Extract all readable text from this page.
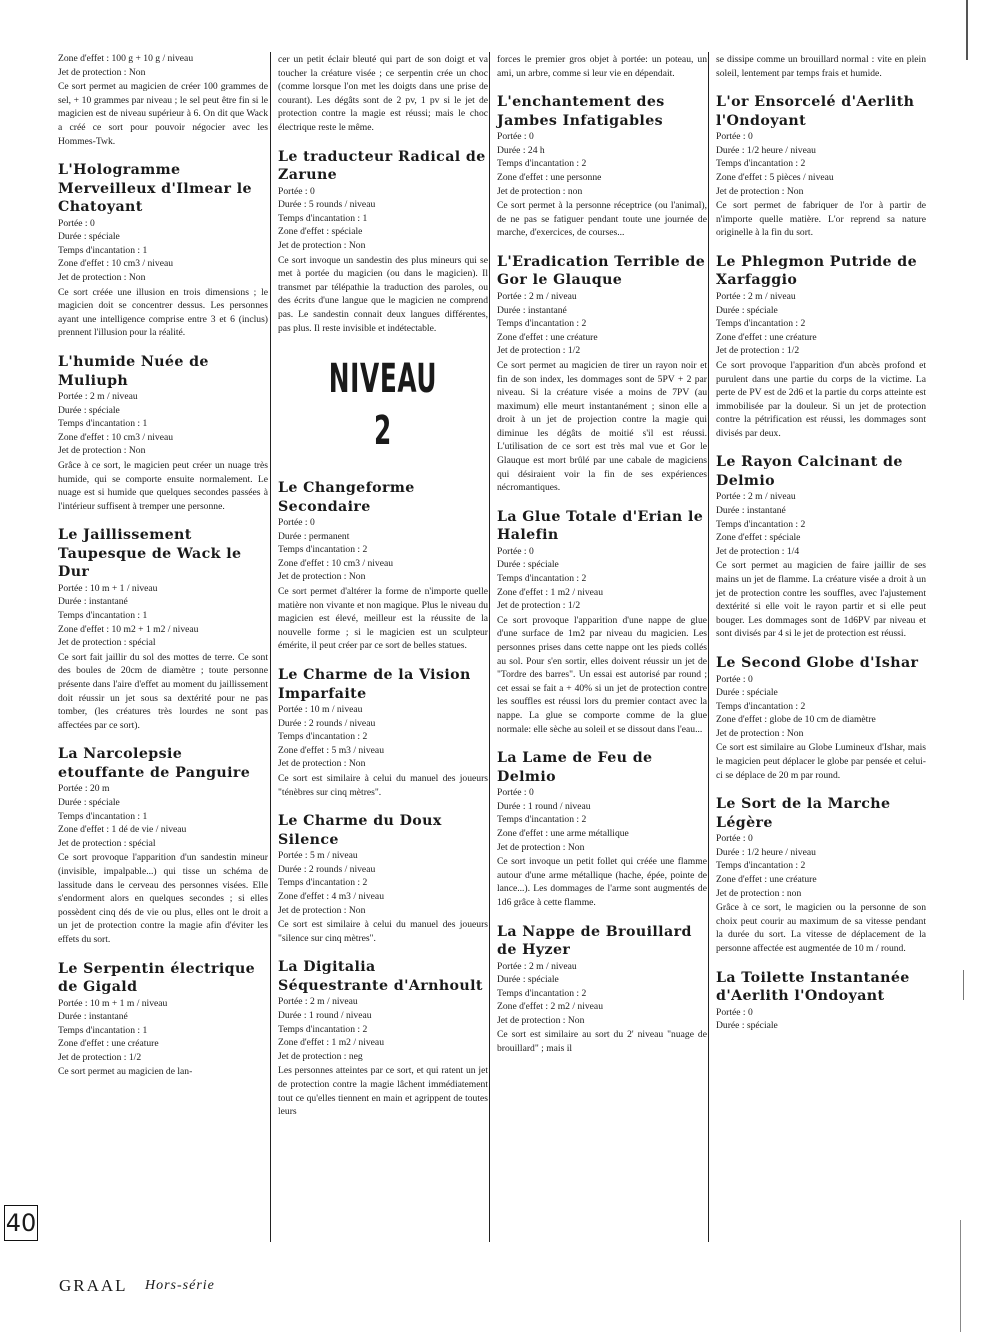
Zone d'effet : 100 g + 10 g / niveau
Jet de protection : Non
Ce sort permet au magicien de créer 100 grammes de sel, + 10 grammes par niveau ; le sel peut être fin si le magicien est de niveau supérieur à 6. On dit que Wack a créé ce sort pour pouvoir négocier avec les Hommes-Twk.
L'Hologramme Merveilleux d'Ilmear le Chatoyant
Portée : 0
Durée : spéciale
Temps d'incantation : 1
Zone d'effet : 10 cm3 / niveau
Jet de protection : Non
Ce sort créée une illusion en trois dimensions ; le magicien doit se concentrer dessus. Les personnes ayant une intelligence comprise entre 3 et 6 (inclus) prennent l'illusion pour la réalité.
L'humide Nuée de Muliuph
Portée : 2 m / niveau
Durée : spéciale
Temps d'incantation : 1
Zone d'effet : 10 cm3 / niveau
Jet de protection : Non
Grâce à ce sort, le magicien peut créer un nuage très humide, qui se comporte ensuite normalement. Le nuage est si humide que quelques secondes passées à l'intérieur suffisent à tremper une personne.
Le Jaillissement Taupesque de Wack le Dur
Portée : 10 m + 1 / niveau
Durée : instantané
Temps d'incantation : 1
Zone d'effet : 10 m2 + 1 m2 / niveau
Jet de protection : spécial
Ce sort fait jaillir du sol des mottes de terre. Ce sont des boules de 20cm de diamètre ; toute personne présente dans l'aire d'effet au moment du jaillissement doit réussir un jet sous sa dextérité pour ne pas tomber, (les créatures très lourdes ne sont pas affectées par ce sort).
La Narcolepsie etouffante de Panguire
Portée : 20 m
Durée : spéciale
Temps d'incantation : 1
Zone d'effet : 1 dé de vie / niveau
Jet de protection : spécial
Ce sort provoque l'apparition d'un sandestin mineur (invisible, impalpable...) qui tisse un schéma de lassitude dans le cerveau des personnes visées. Elle s'endorment alors en quelques secondes ; si elles possèdent cinq dés de vie ou plus, elles ont le droit a un jet de protection contre la magie afin d'éviter les effets du sort.
Le Serpentin électrique de Gigald
Portée : 10 m + 1 m / niveau
Durée : instantané
Temps d'incantation : 1
Zone d'effet : une créature
Jet de protection : 1/2
Ce sort permet au magicien de lan-
cer un petit éclair bleuté qui part de son doigt et va toucher la créature visée ; ce serpentin crée un choc (comme lorsque l'on met les doigts dans une prise de courant). Les dégâts sont de 2 pv, 1 pv si le jet de protection contre la magie est réussi; mais le choc électrique reste le même.
Le traducteur Radical de Zarune
Portée : 0
Durée : 5 rounds / niveau
Temps d'incantation : 1
Zone d'effet : spéciale
Jet de protection : Non
Ce sort invoque un sandestin des plus mineurs qui se met à portée du magicien (ou dans le magicien). Il transmet par télépathie la traduction des paroles, ou des écrits d'une langue que le magicien ne comprend pas. Le sandestin connait deux langues différentes, pas plus. Il reste invisible et indétectable.
NIVEAU 2
Le Changeforme Secondaire
Portée : 0
Durée : permanent
Temps d'incantation : 2
Zone d'effet : 10 cm3 / niveau
Jet de protection : Non
Ce sort permet d'altérer la forme de n'importe quelle matière non vivante et non magique. Plus le niveau du magicien est élevé, meilleur est la réussite de la nouvelle forme ; si le magicien est un sculpteur émérite, il peut créer par ce sort de belles statues.
Le Charme de la Vision Imparfaite
Portée : 10 m / niveau
Durée : 2 rounds / niveau
Temps d'incantation : 2
Zone d'effet : 5 m3 / niveau
Jet de protection : Non
Ce sort est similaire à celui du manuel des joueurs "ténèbres sur cinq mètres".
Le Charme du Doux Silence
Portée : 5 m / niveau
Durée : 2 rounds / niveau
Temps d'incantation : 2
Zone d'effet : 4 m3 / niveau
Jet de protection : Non
Ce sort est similaire à celui du manuel des joueurs "silence sur cinq mètres".
La Digitalia Séquestrante d'Arnhoult
Portée : 2 m / niveau
Durée : 1 round / niveau
Temps d'incantation : 2
Zone d'effet : 1 m2 / niveau
Jet de protection : neg
Les personnes atteintes par ce sort, et qui ratent un jet de protection contre la magie lâchent immédiatement tout ce qu'elles tiennent en main et agrippent de toutes leurs
forces le premier gros objet à portée: un poteau, un ami, un arbre, comme si leur vie en dépendait.
L'enchantement des Jambes Infatigables
Portée : 0
Durée : 24 h
Temps d'incantation : 2
Zone d'effet : une personne
Jet de protection : non
Ce sort permet à la personne réceptrice (ou l'animal), de ne pas se fatiguer pendant toute une journée de marche, d'exercices, de courses...
L'Eradication Terrible de Gor le Glauque
Portée : 2 m / niveau
Durée : instantané
Temps d'incantation : 2
Zone d'effet : une créature
Jet de protection : 1/2
Ce sort permet au magicien de tirer un rayon noir et fin de son index, les dommages sont de 5PV + 2 par niveau. Si la créature visée a moins de 7PV (au maximum) elle meurt instantanément ; sinon elle a droit à un jet de projection contre la magie qui diminue les dégâts de moitié s'il est réussi. L'utilisation de ce sort est très mal vue et Gor le Glauque est mort brûlé par une cabale de magiciens qui désiraient voir la fin de ses expériences nécromantiques.
La Glue Totale d'Erian le Halefin
Portée : 0
Durée : spéciale
Temps d'incantation : 2
Zone d'effet : 1 m2 / niveau
Jet de protection : 1/2
Ce sort provoque l'apparition d'une nappe de glue d'une surface de 1m2 par niveau du magicien. Les personnes prises dans cette nappe ont les pieds collés au sol. Pour s'en sortir, elles doivent réussir un jet de "Tordre des barres". Un essai est autorisé par round ; cet essai se fait a + 40% si un jet de protection contre les souffles est réussi lors du premier contact avec la nappe. La glue se comporte comme de la glue normale: elle sèche au soleil et se dissout dans l'eau...
La Lame de Feu de Delmio
Portée : 0
Durée : 1 round / niveau
Temps d'incantation : 2
Zone d'effet : une arme métallique
Jet de protection : Non
Ce sort invoque un petit follet qui créée une flamme autour d'une arme métallique (hache, épée, pointe de lance...). Les dommages de l'arme sont augmentés de 1d6 grâce à cette flamme.
La Nappe de Brouillard de Hyzer
Portée : 2 m / niveau
Durée : spéciale
Temps d'incantation : 2
Zone d'effet : 2 m2 / niveau
Jet de protection : Non
Ce sort est similaire au sort du 2' niveau "nuage de brouillard" ; mais il
se dissipe comme un brouillard normal : vite en plein soleil, lentement par temps frais et humide.
L'or Ensorcelé d'Aerlith l'Ondoyant
Portée : 0
Durée : 1/2 heure / niveau
Temps d'incantation : 2
Zone d'effet : 5 pièces / niveau
Jet de protection : Non
Ce sort permet de fabriquer de l'or à partir de n'importe quelle matière. L'or reprend sa nature originelle à la fin du sort.
Le Phlegmon Putride de Xarfaggio
Portée : 2 m / niveau
Durée : spéciale
Temps d'incantation : 2
Zone d'effet : une créature
Jet de protection : 1/2
Ce sort provoque l'apparition d'un abcès profond et purulent dans une partie du corps de la victime. La perte de PV est de 2d6 et la partie du corps atteinte est immobilisée par la douleur. Si un jet de protection contre la pétrification est réussi, les dommages sont divisés par deux.
Le Rayon Calcinant de Delmio
Portée : 2 m / niveau
Durée : instantané
Temps d'incantation : 2
Zone d'effet : spéciale
Jet de protection : 1/4
Ce sort permet au magicien de faire jaillir de ses mains un jet de flamme. La créature visée a droit à un jet de protection contre les souffles, avec l'ajustement dextérité si elle voit le rayon partir et si elle peut bouger. Les dommages sont de 1d6PV par niveau et sont divisés par 4 si le jet de protection est réussi.
Le Second Globe d'Ishar
Portée : 0
Durée : spéciale
Temps d'incantation : 2
Zone d'effet : globe de 10 cm de diamètre
Jet de protection : Non
Ce sort est similaire au Globe Lumineux d'Ishar, mais le magicien peut déplacer le globe par pensée et celui-ci se déplace de 20 m par round.
Le Sort de la Marche Légère
Portée : 0
Durée : 1/2 heure / niveau
Temps d'incantation : 2
Zone d'effet : une créature
Jet de protection : non
Grâce à ce sort, le magicien ou la personne de son choix peut courir au maximum de sa vitesse pendant la durée du sort. La vitesse de déplacement de la personne affectée est augmentée de 10 m / round.
La Toilette Instantanée d'Aerlith l'Ondoyant
Portée : 0
Durée : spéciale
40
GRAAL Hors-série
